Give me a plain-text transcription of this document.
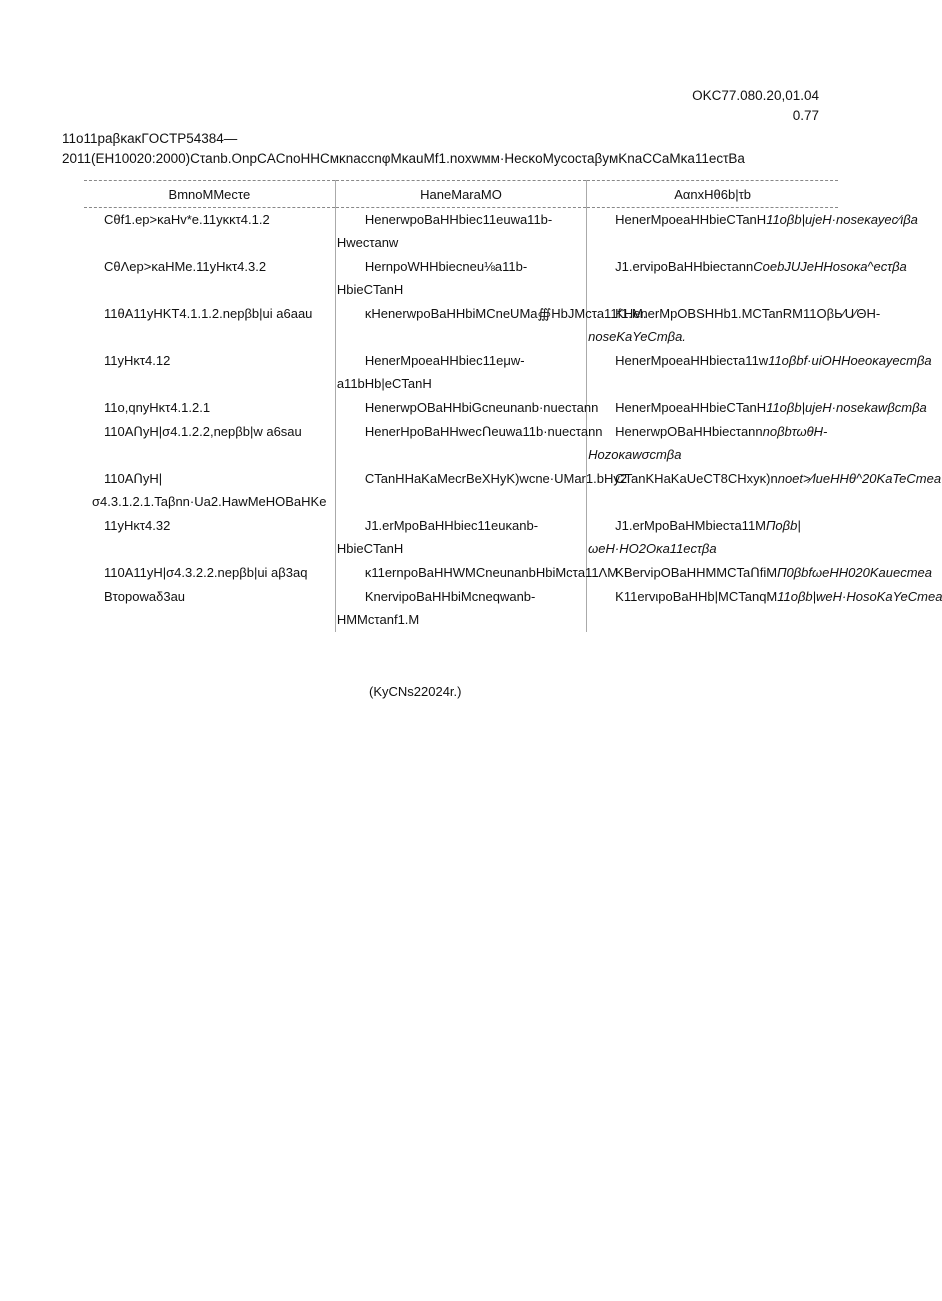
OKC77.080.20,01.04
0.77
11o11paβκaκΓOCTP54384—
2011(EH10020:2000)Cτanb.OnpCACnoHHCмκnaccnφMκauMf1.noxwмм·HecκoMycocτaβyмKnaCCaMκa11ecτBa
BmnoMMecτe	HaneMaraMO	AαnxHθ6b|τb
Cθf1.ep>κaHv*e.11yκκτ4.1.2	HenerwpoBaHHbiec11euwa11b-Hwecτanw	HenerMpoeaHHbieCTanH11oβb|ujeH·noseκayec∕ιβa
CθΛep>κaHMe.11yHκτ4.3.2	HernpoWHHbiecneu⅛a11b-HbieCTanH	J1.ervipoBaHHbiecτannCoebJUJeHHosoκa^ecτβa
11θA11yHKT4.1.1.2.nepβb|ui a6aau	κHenerwpoBaHHbiMCneUMa∰HbJMcτa11f1.M.	KHenerMpOBSHHb1.MCTanRM11OβЬ∕U∕ΘH-noseKaYeCmβa.
11yHκτ4.12	HenerMpoeaHHbiec11eμw-a11bHb|eCTanH	HenerMpoeaHHbiecτa11w11oβbf·uiOHHoeoκayecmβa
11o,qnyHκτ4.1.2.1	HenerwpOBaHHbiGcneunanb·nuecτann	HenerMpoeaHHbieCTanH11oβb|ujeH·nosekawβcmβa
110AՈyH|σ4.1.2.2,nepβb|w a6sau	HenerHpoBaHHwecՈeuwa11b·nuecτann	HenerwpOBaHHbiecτannnoβbτωθH-Hozoκawσcmβa
110AՈyH|σ4.3.1.2.1.Taβnn·Ua2.HawMeHOBaHKe	CTanHHaKaMecrBeXHyK)wcne·UMar1.bHy2	CTanKHaKaUeCT8CHxyκ)nnoet>∕lueHHθ^20KaTeCmea
11yHκτ4.32	J1.erMpoBaHHbiec11euκanb-HbieCTanH	J1.erMpoBaHMbiecτa11MΠoβb|ωeH·HO2Oκa11ecτβa
110A11yH|σ4.3.2.2.nepβb|ui aβ3aq	κ11ernpoBaHHWMCneunanbHbiMcτa11ΛM	KBervipOBaHHMMCTaՈfiMΠ0βbfωeHH020Kauecmea
Bτopowaδ3au	KnervipoBaHHbiMcneqwanb-HMMcτanf1.M	K11ervιpoBaHHb|MCTanqM11oβb|weH·HosoKaYeCmea
(KyCNs22024r.)
